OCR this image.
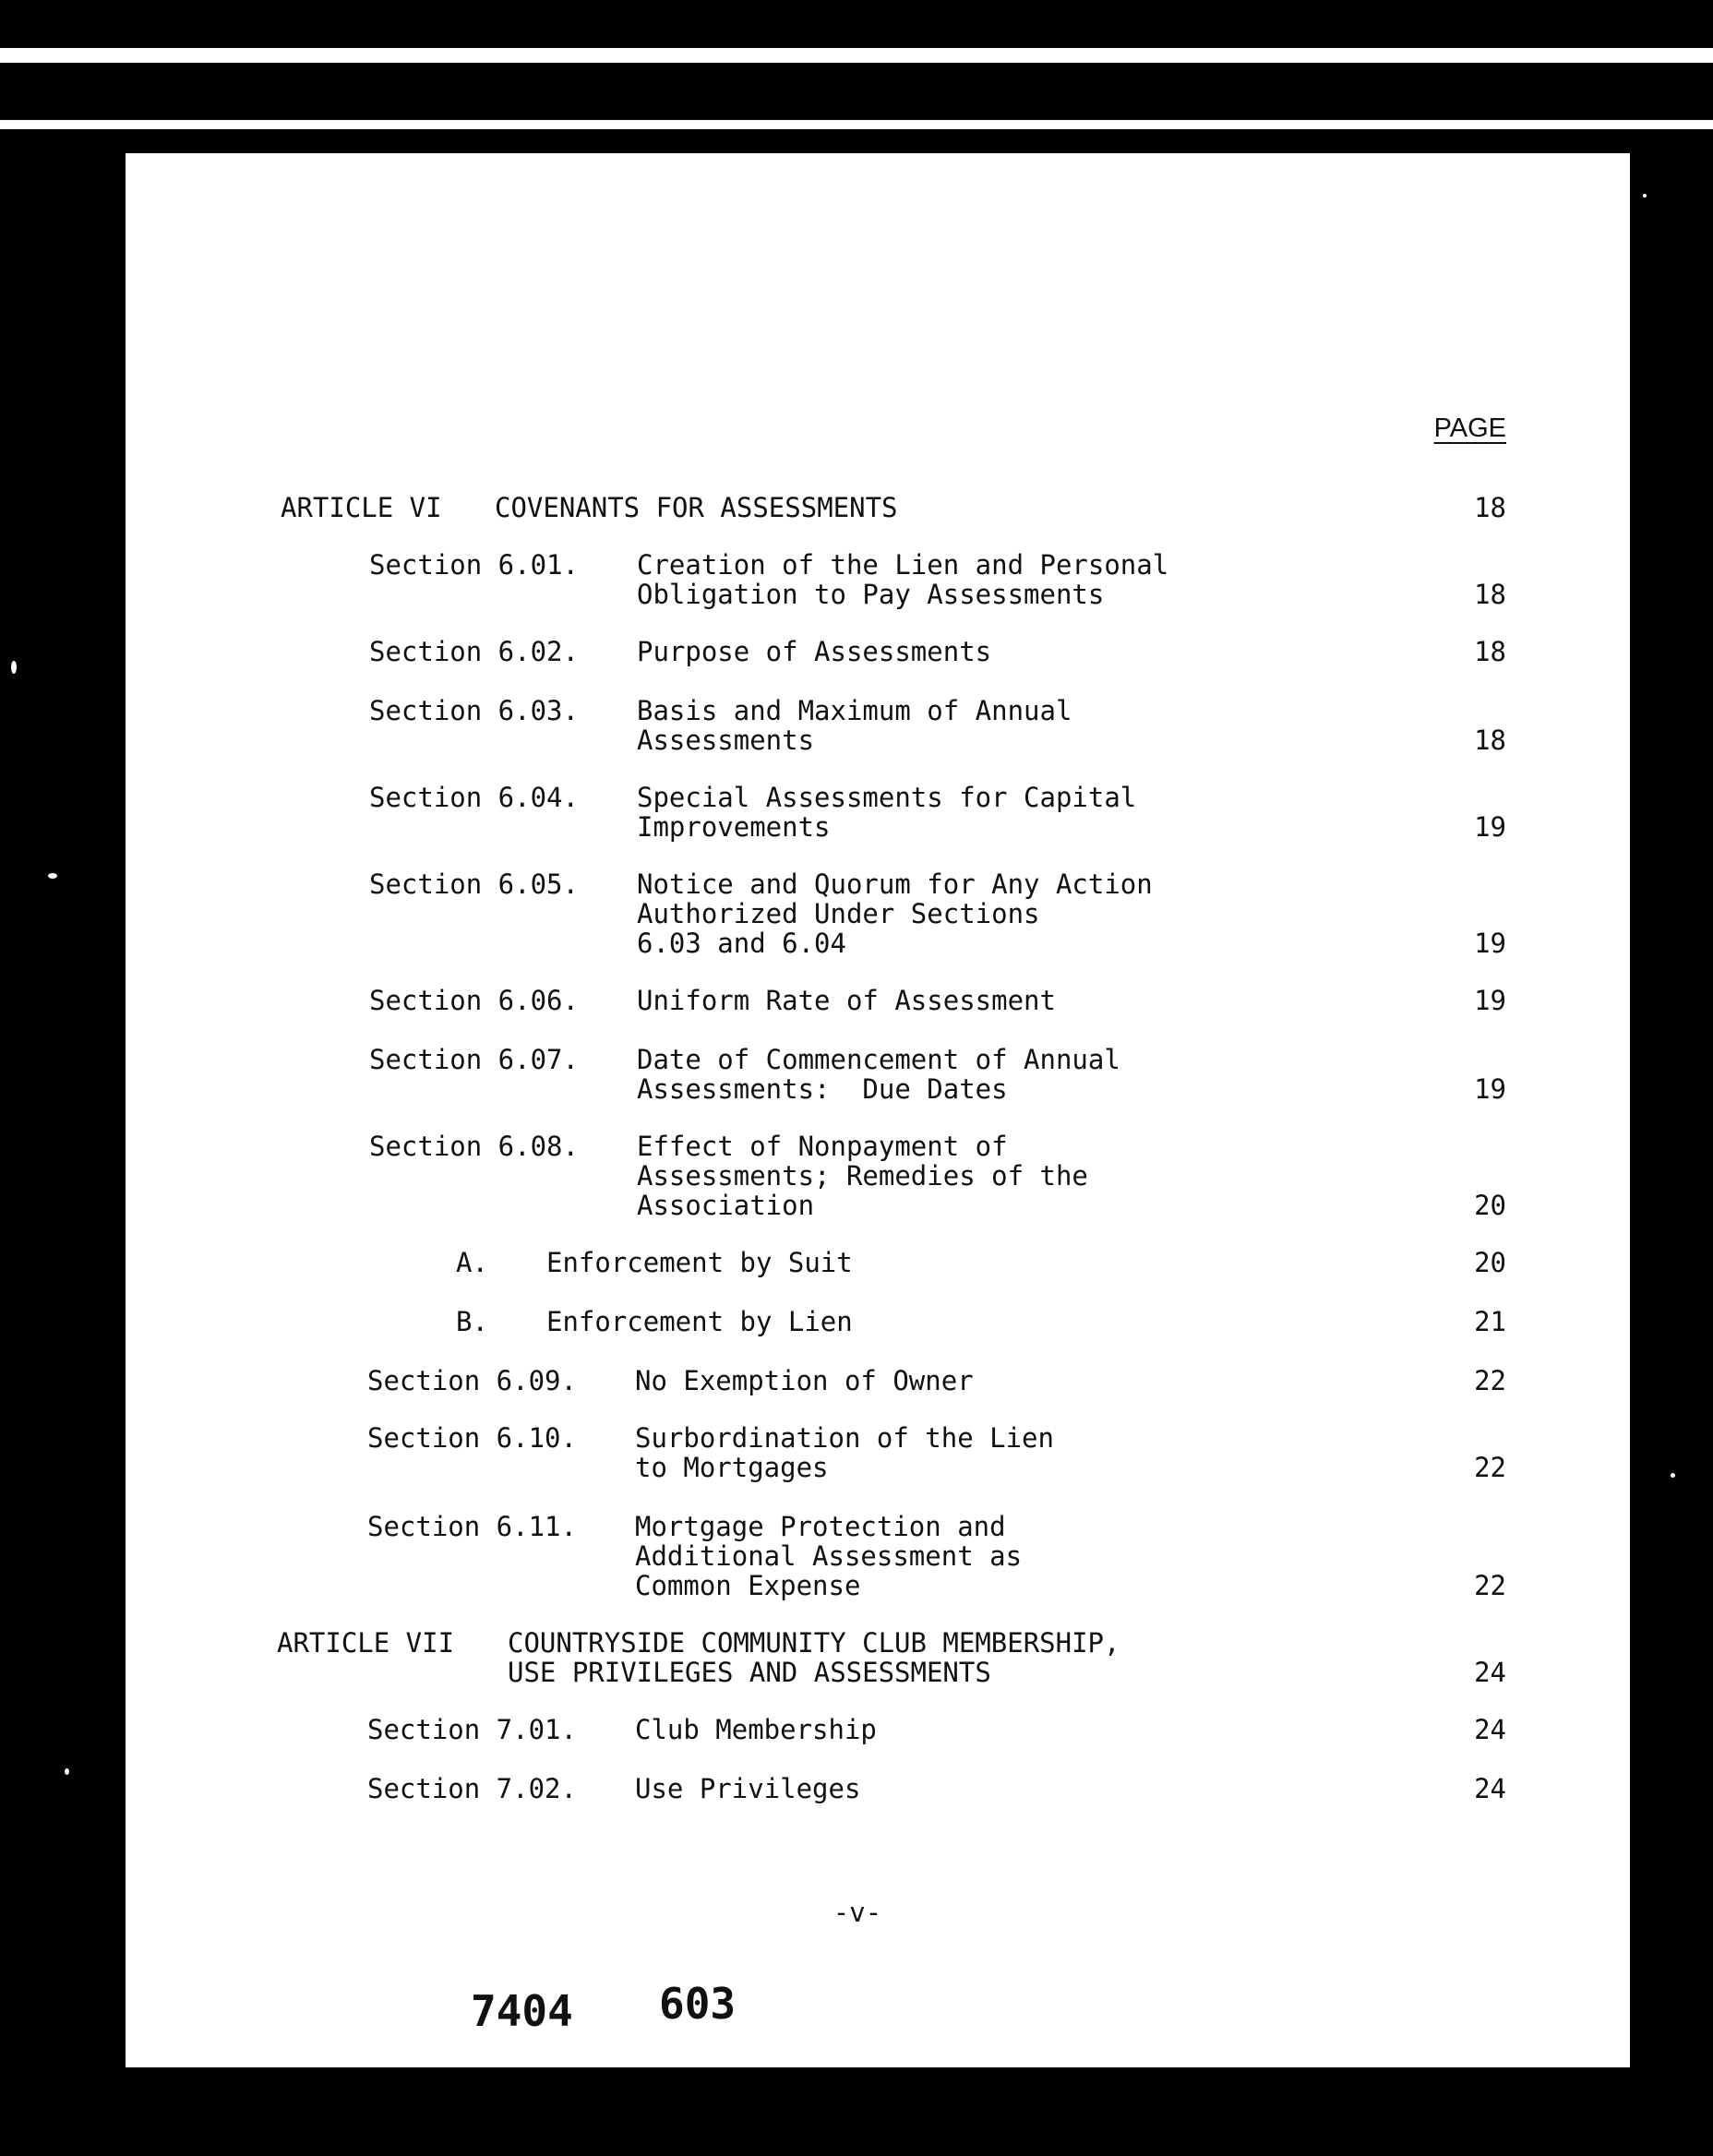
PAGE
ARTICLE VI COVENANTS FOR ASSESSMENTS	18
Section 6.01. Creation of the Lien and Personal
Obligation to Pay Assessments	18
Section 6.02. Purpose of Assessments	18
Section 6.03. Basis and Maximum of Annual
Assessments	18
Section 6.04. Special Assessments for Capital
Improvements	19
Section 6.05. Notice and Quorum for Any Action
Authorized Under Sections
6.03 and 6.04	19
Section 6.06. Uniform Rate of Assessment	19
Section 6.07. Date of Commencement of Annual
Assessments:  Due Dates	19
Section 6.08. Effect of Nonpayment of
Assessments; Remedies of the
Association	20
A. Enforcement by Suit	20
B. Enforcement by Lien	21
Section 6.09. No Exemption of Owner	22
Section 6.10. Surbordination of the Lien
to Mortgages	22
Section 6.11. Mortgage Protection and
Additional Assessment as
Common Expense	22
ARTICLE VII COUNTRYSIDE COMMUNITY CLUB MEMBERSHIP,
USE PRIVILEGES AND ASSESSMENTS	24
Section 7.01. Club Membership	24
Section 7.02. Use Privileges	24
-v-
7404 603
